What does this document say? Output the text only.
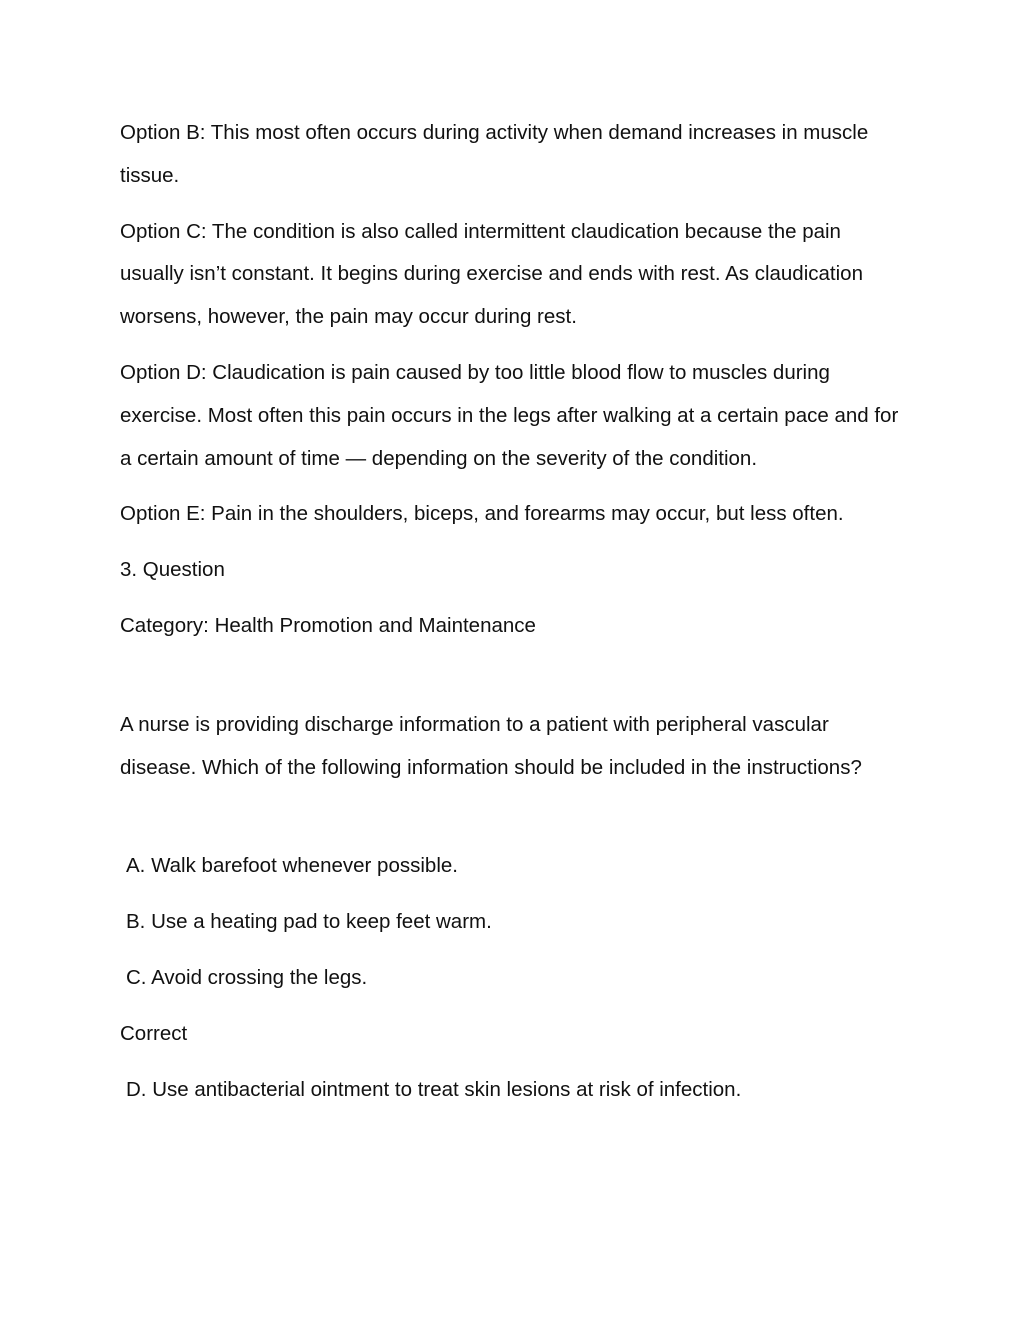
Option B: This most often occurs during activity when demand increases in muscle tissue.

Option C: The condition is also called intermittent claudication because the pain usually isn’t constant. It begins during exercise and ends with rest. As claudication worsens, however, the pain may occur during rest.

Option D: Claudication is pain caused by too little blood flow to muscles during exercise. Most often this pain occurs in the legs after walking at a certain pace and for a certain amount of time — depending on the severity of the condition.

Option E: Pain in the shoulders, biceps, and forearms may occur, but less often.

3. Question

Category: Health Promotion and Maintenance

A nurse is providing discharge information to a patient with peripheral vascular disease. Which of the following information should be included in the instructions?

A. Walk barefoot whenever possible.

B. Use a heating pad to keep feet warm.

C. Avoid crossing the legs.

Correct

D. Use antibacterial ointment to treat skin lesions at risk of infection.
